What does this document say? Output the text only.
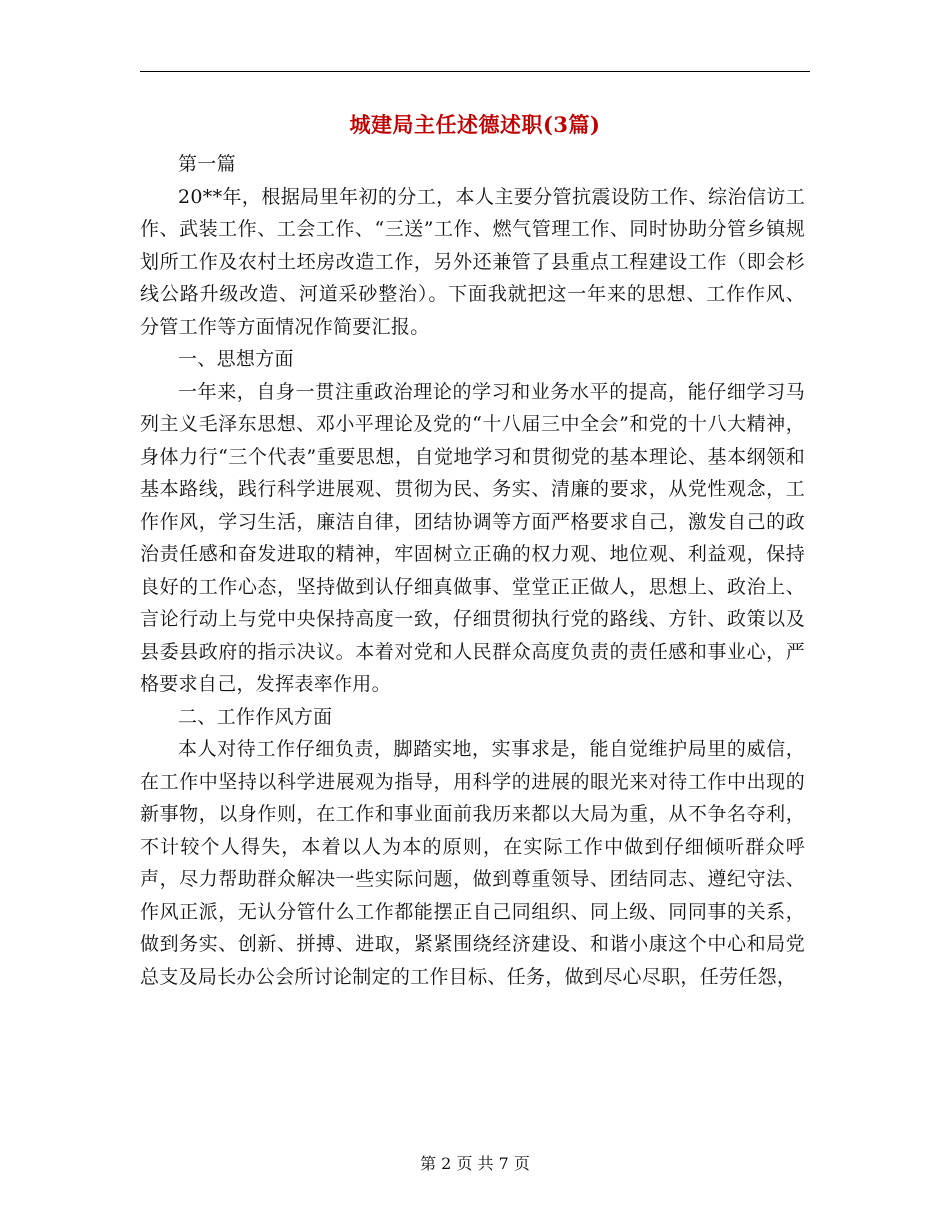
城建局主任述德述职(3篇)

第一篇

20**年，根据局里年初的分工，本人主要分管抗震设防工作、综治信访工作、武装工作、工会工作、“三送”工作、燃气管理工作、同时协助分管乡镇规划所工作及农村土坯房改造工作，另外还兼管了县重点工程建设工作（即会杉线公路升级改造、河道采砂整治）。下面我就把这一年来的思想、工作作风、分管工作等方面情况作简要汇报。

一、思想方面

一年来，自身一贯注重政治理论的学习和业务水平的提高，能仔细学习马列主义毛泽东思想、邓小平理论及党的“十八届三中全会”和党的十八大精神，身体力行“三个代表”重要思想，自觉地学习和贯彻党的基本理论、基本纲领和基本路线，践行科学进展观、贯彻为民、务实、清廉的要求，从党性观念，工作作风，学习生活，廉洁自律，团结协调等方面严格要求自己，激发自己的政治责任感和奋发进取的精神，牢固树立正确的权力观、地位观、利益观，保持良好的工作心态，坚持做到认仔细真做事、堂堂正正做人，思想上、政治上、言论行动上与党中央保持高度一致，仔细贯彻执行党的路线、方针、政策以及县委县政府的指示决议。本着对党和人民群众高度负责的责任感和事业心，严格要求自己，发挥表率作用。

二、工作作风方面

本人对待工作仔细负责，脚踏实地，实事求是，能自觉维护局里的威信，在工作中坚持以科学进展观为指导，用科学的进展的眼光来对待工作中出现的新事物，以身作则，在工作和事业面前我历来都以大局为重，从不争名夺利，不计较个人得失，本着以人为本的原则，在实际工作中做到仔细倾听群众呼声，尽力帮助群众解决一些实际问题，做到尊重领导、团结同志、遵纪守法、作风正派，无认分管什么工作都能摆正自己同组织、同上级、同同事的关系，做到务实、创新、拼搏、进取，紧紧围绕经济建设、和谐小康这个中心和局党总支及局长办公会所讨论制定的工作目标、任务，做到尽心尽职，任劳任怨，

第 2 页 共 7 页
